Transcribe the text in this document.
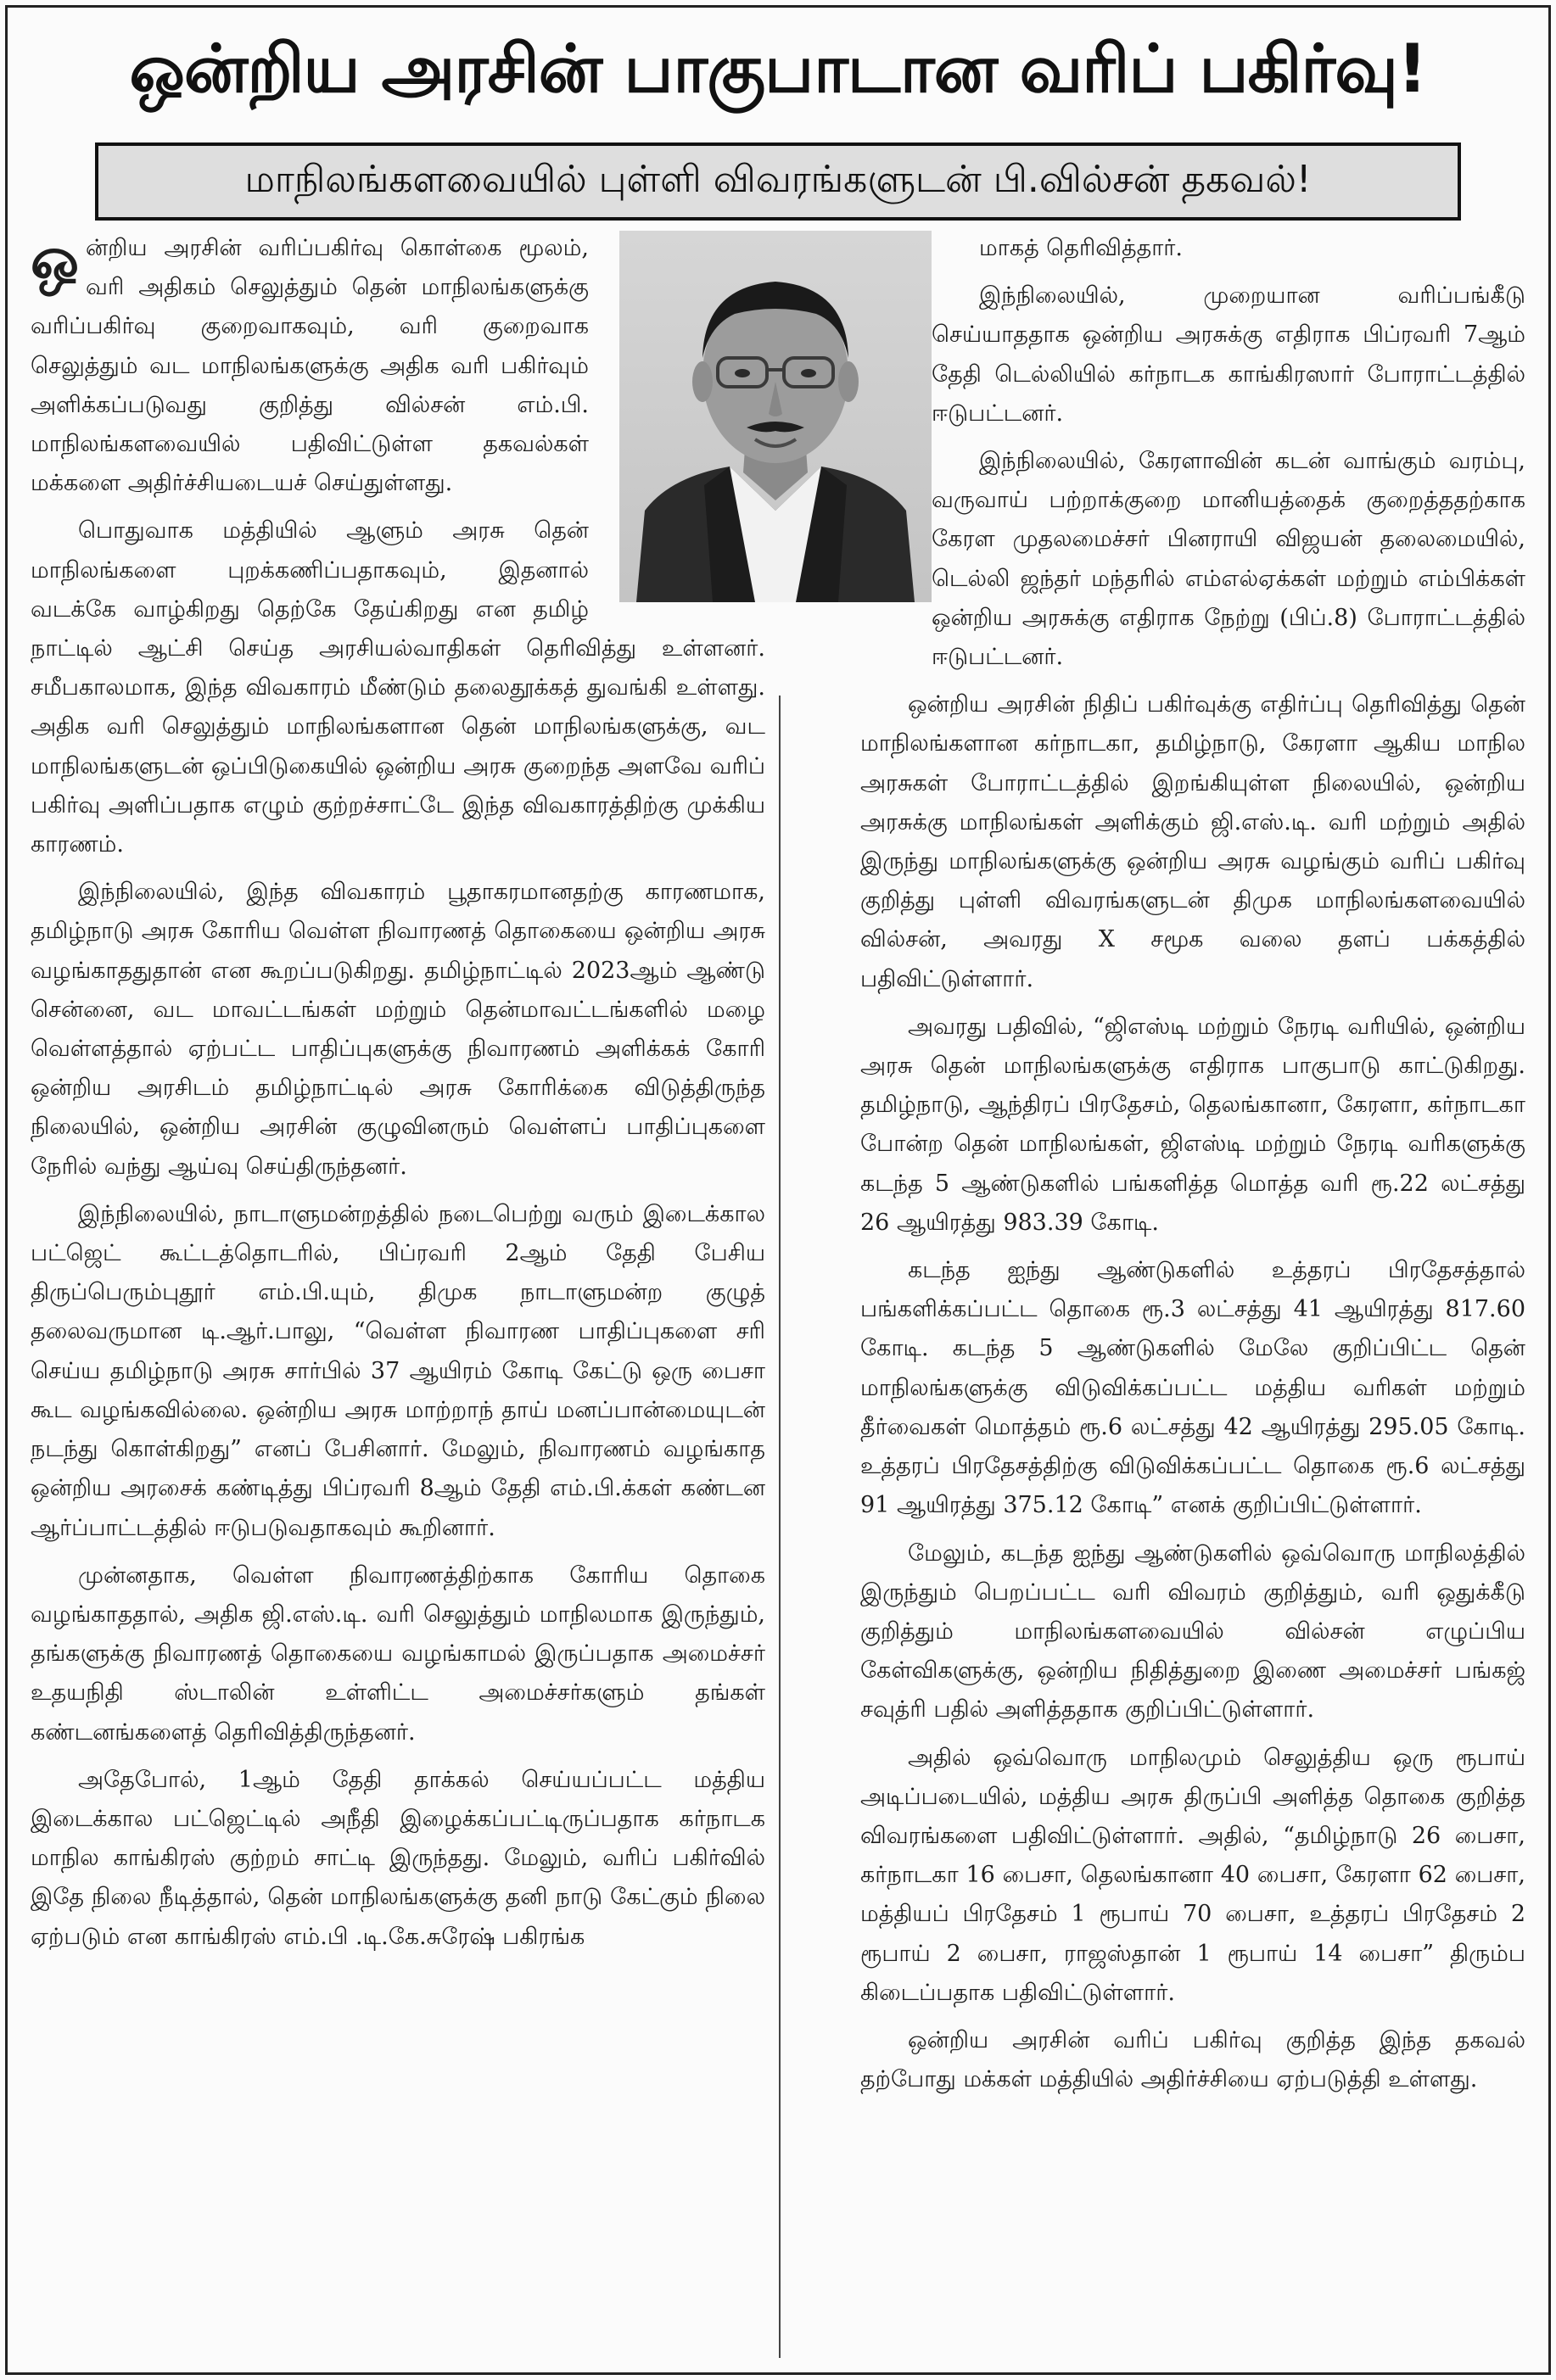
ஒன்றிய அரசின் பாகுபாடான வரிப் பகிர்வு!
மாநிலங்களவையில் புள்ளி விவரங்களுடன் பி.வில்சன் தகவல்!

ஒன்றிய அரசின் வரிப்பகிர்வு கொள்கை மூலம், வரி அதிகம் செலுத்தும் தென் மாநிலங்களுக்கு வரிப்பகிர்வு குறைவாகவும், வரி குறைவாக செலுத்தும் வட மாநிலங்களுக்கு அதிக வரி பகிர்வும் அளிக்கப்படுவது குறித்து வில்சன் எம்.பி. மாநிலங்களவையில் பதிவிட்டுள்ள தகவல்கள் மக்களை அதிர்ச்சியடையச் செய்துள்ளது.

பொதுவாக மத்தியில் ஆளும் அரசு தென் மாநிலங்களை புறக்கணிப்பதாகவும், இதனால் வடக்கே வாழ்கிறது தெற்கே தேய்கிறது என தமிழ் நாட்டில் ஆட்சி செய்த அரசியல்வாதிகள் தெரிவித்து உள்ளனர். சமீபகாலமாக, இந்த விவகாரம் மீண்டும் தலைதூக்கத் துவங்கி உள்ளது. அதிக வரி செலுத்தும் மாநிலங்களான தென் மாநிலங்களுக்கு, வட மாநிலங்களுடன் ஒப்பிடுகையில் ஒன்றிய அரசு குறைந்த அளவே வரிப் பகிர்வு அளிப்பதாக எழும் குற்றச்சாட்டே இந்த விவகாரத்திற்கு முக்கிய காரணம்.

இந்நிலையில், இந்த விவகாரம் பூதாகரமானதற்கு காரணமாக, தமிழ்நாடு அரசு கோரிய வெள்ள நிவாரணத் தொகையை ஒன்றிய அரசு வழங்காததுதான் என கூறப்படுகிறது. தமிழ்நாட்டில் 2023ஆம் ஆண்டு சென்னை, வட மாவட்டங்கள் மற்றும் தென்மாவட்டங்களில் மழை வெள்ளத்தால் ஏற்பட்ட பாதிப்புகளுக்கு நிவாரணம் அளிக்கக் கோரி ஒன்றிய அரசிடம் தமிழ்நாட்டில் அரசு கோரிக்கை விடுத்திருந்த நிலையில், ஒன்றிய அரசின் குழுவினரும் வெள்ளப் பாதிப்புகளை நேரில் வந்து ஆய்வு செய்திருந்தனர்.

இந்நிலையில், நாடாளுமன்றத்தில் நடைபெற்று வரும் இடைக்கால பட்ஜெட் கூட்டத்தொடரில், பிப்ரவரி 2ஆம் தேதி பேசிய திருப்பெரும்புதூர் எம்.பி.யும், திமுக நாடாளுமன்ற குழுத் தலைவருமான டி.ஆர்.பாலு, “வெள்ள நிவாரண பாதிப்புகளை சரி செய்ய தமிழ்நாடு அரசு சார்பில் 37 ஆயிரம் கோடி கேட்டு ஒரு பைசா கூட வழங்கவில்லை. ஒன்றிய அரசு மாற்றாந் தாய் மனப்பான்மையுடன் நடந்து கொள்கிறது” எனப் பேசினார். மேலும், நிவாரணம் வழங்காத ஒன்றிய அரசைக் கண்டித்து பிப்ரவரி 8ஆம் தேதி எம்.பி.க்கள் கண்டன ஆர்ப்பாட்டத்தில் ஈடுபடுவதாகவும் கூறினார்.

முன்னதாக, வெள்ள நிவாரணத்திற்காக கோரிய தொகை வழங்காததால், அதிக ஜி.எஸ்.டி. வரி செலுத்தும் மாநிலமாக இருந்தும், தங்களுக்கு நிவாரணத் தொகையை வழங்காமல் இருப்பதாக அமைச்சர் உதயநிதி ஸ்டாலின் உள்ளிட்ட அமைச்சர்களும் தங்கள் கண்டனங்களைத் தெரிவித்திருந்தனர்.

அதேபோல், 1ஆம் தேதி தாக்கல் செய்யப்பட்ட மத்திய இடைக்கால பட்ஜெட்டில் அநீதி இழைக்கப்பட்டிருப்பதாக கர்நாடக மாநில காங்கிரஸ் குற்றம் சாட்டி இருந்தது. மேலும், வரிப் பகிர்வில் இதே நிலை நீடித்தால், தென் மாநிலங்களுக்கு தனி நாடு கேட்கும் நிலை ஏற்படும் என காங்கிரஸ் எம்.பி .டி.கே.சுரேஷ் பகிரங்க

மாகத் தெரிவித்தார்.

இந்நிலையில், முறையான வரிப்பங்கீடு செய்யாததாக ஒன்றிய அரசுக்கு எதிராக பிப்ரவரி 7ஆம் தேதி டெல்லியில் கர்நாடக காங்கிரஸார் போராட்டத்தில் ஈடுபட்டனர்.

இந்நிலையில், கேரளாவின் கடன் வாங்கும் வரம்பு, வருவாய் பற்றாக்குறை மானியத்தைக் குறைத்ததற்காக கேரள முதலமைச்சர் பினராயி விஜயன் தலைமையில், டெல்லி ஜந்தர் மந்தரில் எம்எல்ஏக்கள் மற்றும் எம்பிக்கள் ஒன்றிய அரசுக்கு எதிராக நேற்று (பிப்.8) போராட்டத்தில் ஈடுபட்டனர்.

ஒன்றிய அரசின் நிதிப் பகிர்வுக்கு எதிர்ப்பு தெரிவித்து தென் மாநிலங்களான கர்நாடகா, தமிழ்நாடு, கேரளா ஆகிய மாநில அரசுகள் போராட்டத்தில் இறங்கியுள்ள நிலையில், ஒன்றிய அரசுக்கு மாநிலங்கள் அளிக்கும் ஜி.எஸ்.டி. வரி மற்றும் அதில் இருந்து மாநிலங்களுக்கு ஒன்றிய அரசு வழங்கும் வரிப் பகிர்வு குறித்து புள்ளி விவரங்களுடன் திமுக மாநிலங்களவையில் வில்சன், அவரது X சமூக வலை தளப் பக்கத்தில் பதிவிட்டுள்ளார்.

அவரது பதிவில், “ஜிஎஸ்டி மற்றும் நேரடி வரியில், ஒன்றிய அரசு தென் மாநிலங்களுக்கு எதிராக பாகுபாடு காட்டுகிறது. தமிழ்நாடு, ஆந்திரப் பிரதேசம், தெலங்கானா, கேரளா, கர்நாடகா போன்ற தென் மாநிலங்கள், ஜிஎஸ்டி மற்றும் நேரடி வரிகளுக்கு கடந்த 5 ஆண்டுகளில் பங்களித்த மொத்த வரி ரூ.22 லட்சத்து 26 ஆயிரத்து 983.39 கோடி.

கடந்த ஐந்து ஆண்டுகளில் உத்தரப் பிரதேசத்தால் பங்களிக்கப்பட்ட தொகை ரூ.3 லட்சத்து 41 ஆயிரத்து 817.60 கோடி. கடந்த 5 ஆண்டுகளில் மேலே குறிப்பிட்ட தென் மாநிலங்களுக்கு விடுவிக்கப்பட்ட மத்திய வரிகள் மற்றும் தீர்வைகள் மொத்தம் ரூ.6 லட்சத்து 42 ஆயிரத்து 295.05 கோடி. உத்தரப் பிரதேசத்திற்கு விடுவிக்கப்பட்ட தொகை ரூ.6 லட்சத்து 91 ஆயிரத்து 375.12 கோடி” எனக் குறிப்பிட்டுள்ளார்.

மேலும், கடந்த ஐந்து ஆண்டுகளில் ஒவ்வொரு மாநிலத்தில் இருந்தும் பெறப்பட்ட வரி விவரம் குறித்தும், வரி ஒதுக்கீடு குறித்தும் மாநிலங்களவையில் வில்சன் எழுப்பிய கேள்விகளுக்கு, ஒன்றிய நிதித்துறை இணை அமைச்சர் பங்கஜ் சவுத்ரி பதில் அளித்ததாக குறிப்பிட்டுள்ளார்.

அதில் ஒவ்வொரு மாநிலமும் செலுத்திய ஒரு ரூபாய் அடிப்படையில், மத்திய அரசு திருப்பி அளித்த தொகை குறித்த விவரங்களை பதிவிட்டுள்ளார். அதில், “தமிழ்நாடு 26 பைசா, கர்நாடகா 16 பைசா, தெலங்கானா 40 பைசா, கேரளா 62 பைசா, மத்தியப் பிரதேசம் 1 ரூபாய் 70 பைசா, உத்தரப் பிரதேசம் 2 ரூபாய் 2 பைசா, ராஜஸ்தான் 1 ரூபாய் 14 பைசா” திரும்ப கிடைப்பதாக பதிவிட்டுள்ளார்.

ஒன்றிய அரசின் வரிப் பகிர்வு குறித்த இந்த தகவல் தற்போது மக்கள் மத்தியில் அதிர்ச்சியை ஏற்படுத்தி உள்ளது.
